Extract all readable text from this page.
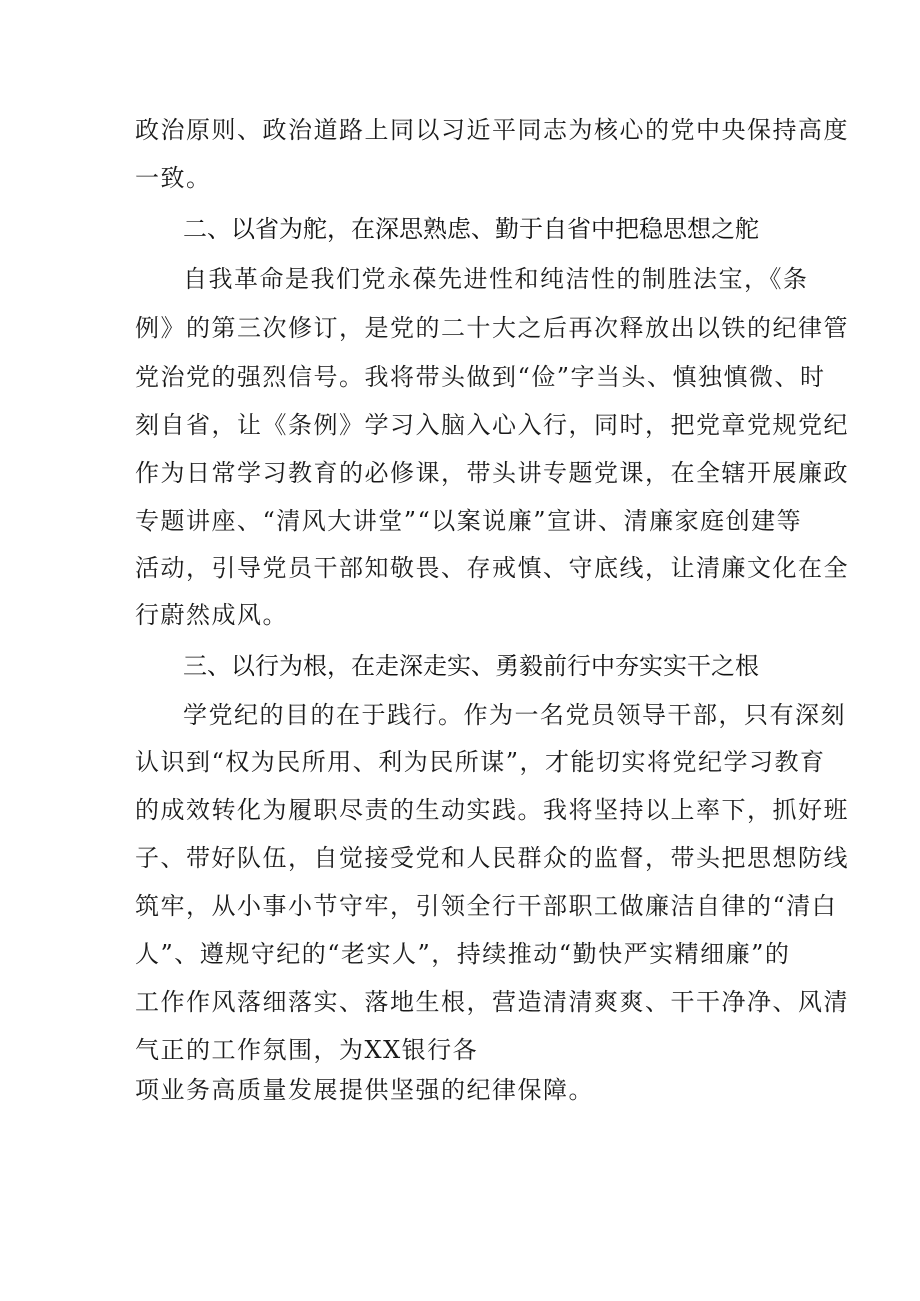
政治原则、政治道路上同以习近平同志为核心的党中央保持高度
一致。
二、以省为舵，在深思熟虑、勤于自省中把稳思想之舵
自我革命是我们党永葆先进性和纯洁性的制胜法宝，《条
例》的第三次修订，是党的二十大之后再次释放出以铁的纪律管
党治党的强烈信号。我将带头做到“俭”字当头、慎独慎微、时
刻自省，让《条例》学习入脑入心入行，同时，把党章党规党纪
作为日常学习教育的必修课，带头讲专题党课，在全辖开展廉政
专题讲座、“清风大讲堂”“以案说廉”宣讲、清廉家庭创建等
活动，引导党员干部知敬畏、存戒慎、守底线，让清廉文化在全
行蔚然成风。
三、以行为根，在走深走实、勇毅前行中夯实实干之根
学党纪的目的在于践行。作为一名党员领导干部，只有深刻
认识到“权为民所用、利为民所谋”，才能切实将党纪学习教育
的成效转化为履职尽责的生动实践。我将坚持以上率下，抓好班
子、带好队伍，自觉接受党和人民群众的监督，带头把思想防线
筑牢，从小事小节守牢，引领全行干部职工做廉洁自律的“清白
人”、遵规守纪的“老实人”，持续推动“勤快严实精细廉”的
工作作风落细落实、落地生根，营造清清爽爽、干干净净、风清
气正的工作氛围，为XX银行各
项业务高质量发展提供坚强的纪律保障。
